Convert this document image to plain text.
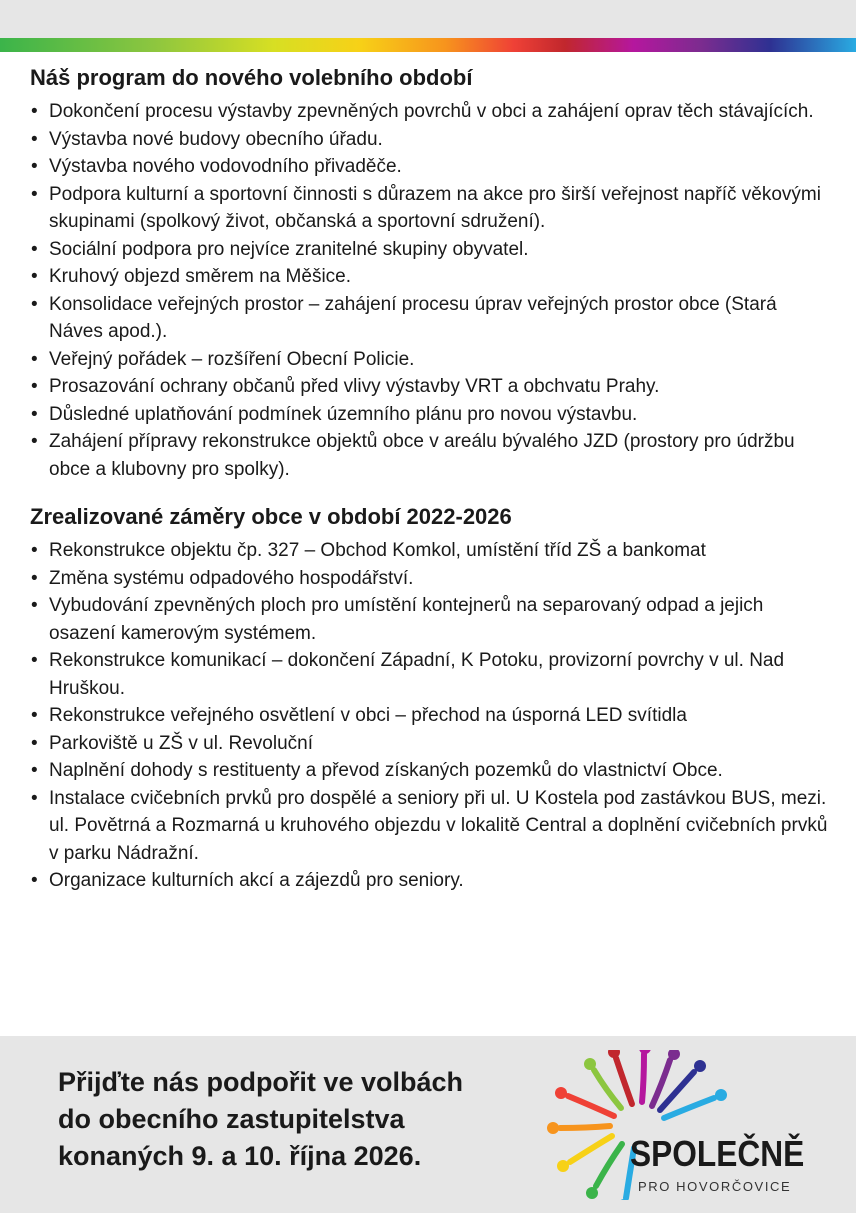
Náš program do nového volebního období
• Dokončení procesu výstavby zpevněných povrchů v obci a zahájení oprav těch stávajících.
• Výstavba nové budovy obecního úřadu.
• Výstavba nového vodovodního přivaděče.
• Podpora kulturní a sportovní činnosti s důrazem na akce pro širší veřejnost napříč věkovými skupinami (spolkový život, občanská a sportovní sdružení).
• Sociální podpora pro nejvíce zranitelné skupiny obyvatel.
• Kruhový objezd směrem na Měšice.
• Konsolidace veřejných prostor – zahájení procesu úprav veřejných prostor obce (Stará Náves apod.).
• Veřejný pořádek – rozšíření Obecní Policie.
• Prosazování ochrany občanů před vlivy výstavby VRT a obchvatu Prahy.
• Důsledné uplatňování podmínek územního plánu pro novou výstavbu.
• Zahájení přípravy rekonstrukce objektů obce v areálu bývalého JZD (prostory pro údržbu obce a klubovny pro spolky).
Zrealizované záměry obce v období 2022-2026
• Rekonstrukce objektu čp. 327 – Obchod Komkol, umístění tříd ZŠ a bankomat
• Změna systému odpadového hospodářství.
• Vybudování zpevněných ploch pro umístění kontejnerů na separovaný odpad a jejich osazení kamerovým systémem.
• Rekonstrukce komunikací – dokončení Západní, K Potoku, provizorní povrchy v ul. Nad Hruškou.
• Rekonstrukce veřejného osvětlení v obci – přechod na úsporná LED svítidla
• Parkoviště u ZŠ v ul. Revoluční
• Naplnění dohody s restituenty a převod získaných pozemků do vlastnictví Obce.
• Instalace cvičebních prvků pro dospělé a seniory při ul. U Kostela pod zastávkou BUS, mezi. ul. Povětrná a Rozmarná u kruhového objezdu v lokalitě Central a doplnění cvičebních prvků v parku Nádražní.
• Organizace kulturních akcí a zájezdů pro seniory.
Přijďte nás podpořit ve volbách
do obecního zastupitelstva
konaných 9. a 10. října 2026.	SPOLEČNĚ
PRO HOVORČOVICE
